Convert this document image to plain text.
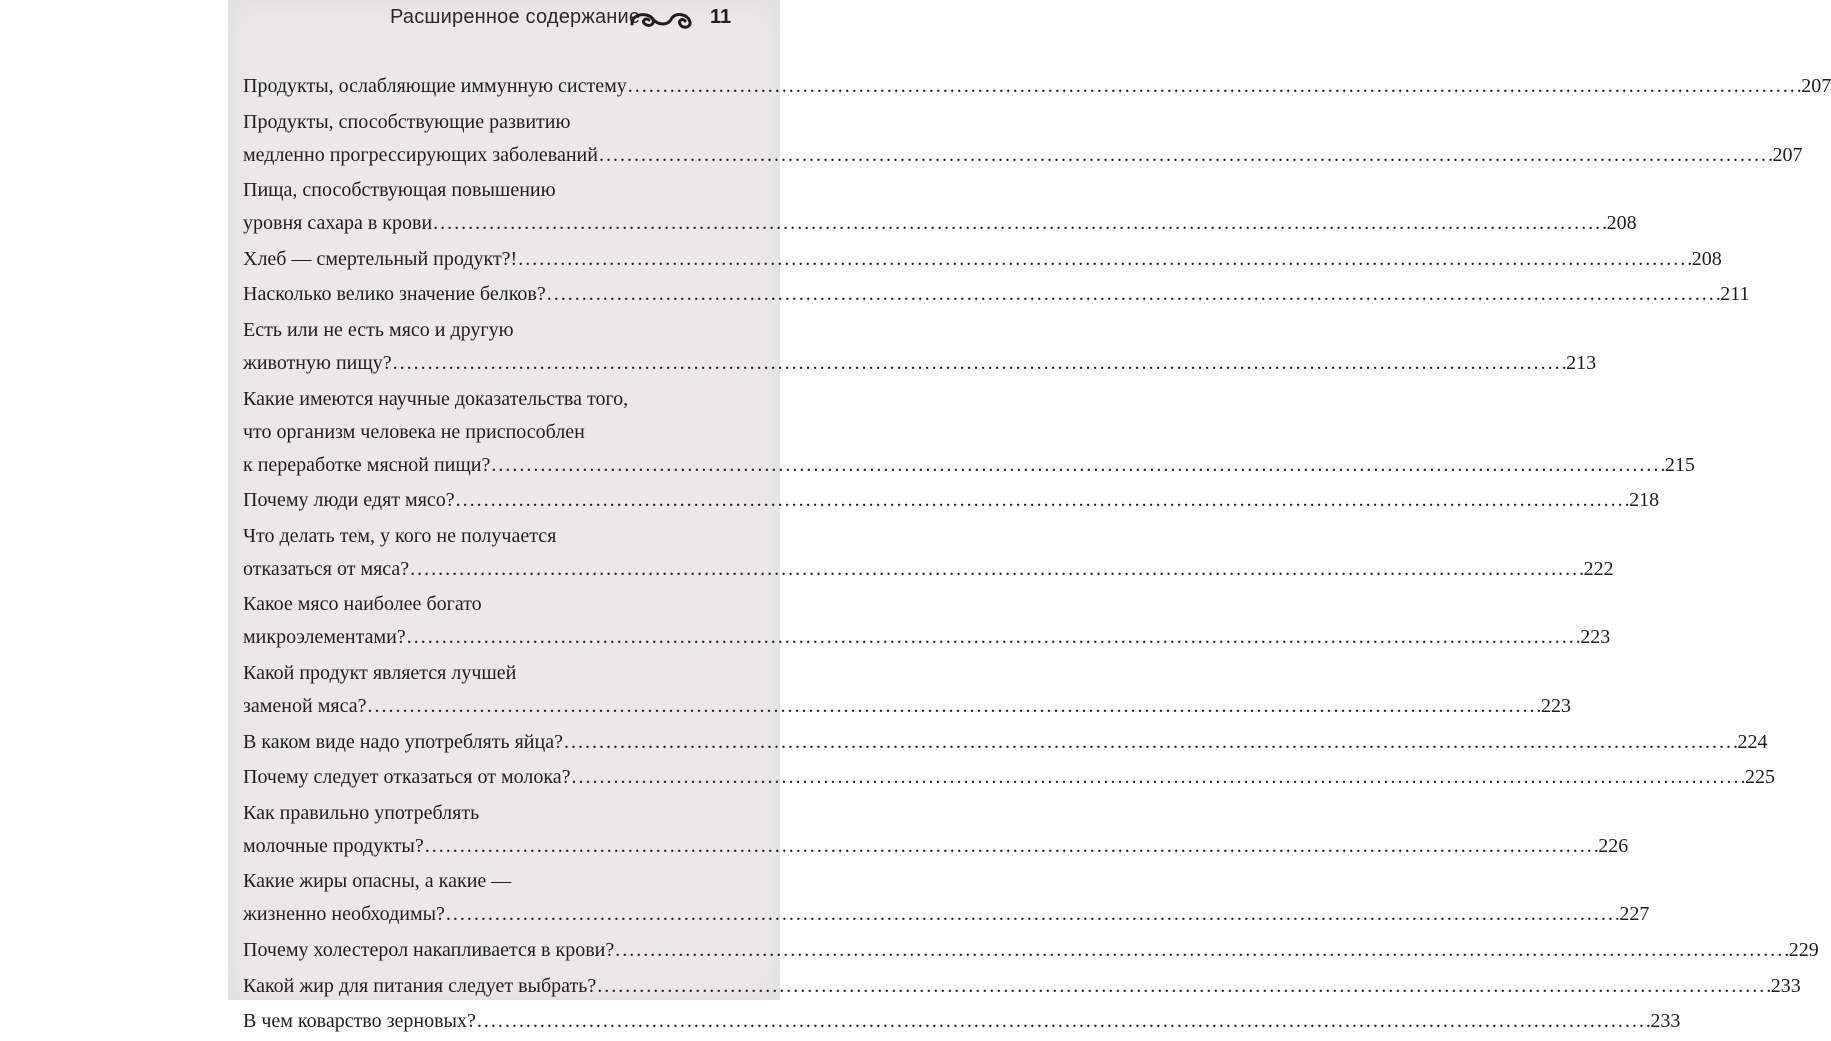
Расширенное содержание	11
Продукты, ослабляющие иммунную систему . . .	207
Продукты, способствующие развитию
медленно прогрессирующих заболеваний . . .	207
Пища, способствующая повышению
уровня сахара в крови . . .	208
Хлеб — смертельный продукт?! . . .	208
Насколько велико значение белков? . . .	211
Есть или не есть мясо и другую
животную пищу? . . .	213
Какие имеются научные доказательства того,
что организм человека не приспособлен
к переработке мясной пищи? . . .	215
Почему люди едят мясо? . . .	218
Что делать тем, у кого не получается
отказаться от мяса? . . .	222
Какое мясо наиболее богато
микроэлементами? . . .	223
Какой продукт является лучшей
заменой мяса? . . .	223
В каком виде надо употреблять яйца? . . .	224
Почему следует отказаться от молока? . . .	225
Как правильно употреблять
молочные продукты? . . .	226
Какие жиры опасны, а какие —
жизненно необходимы? . . .	227
Почему холестерол накапливается в крови? . . .	229
Какой жир для питания следует выбрать? . . .	233
В чем коварство зерновых? . . .	233
